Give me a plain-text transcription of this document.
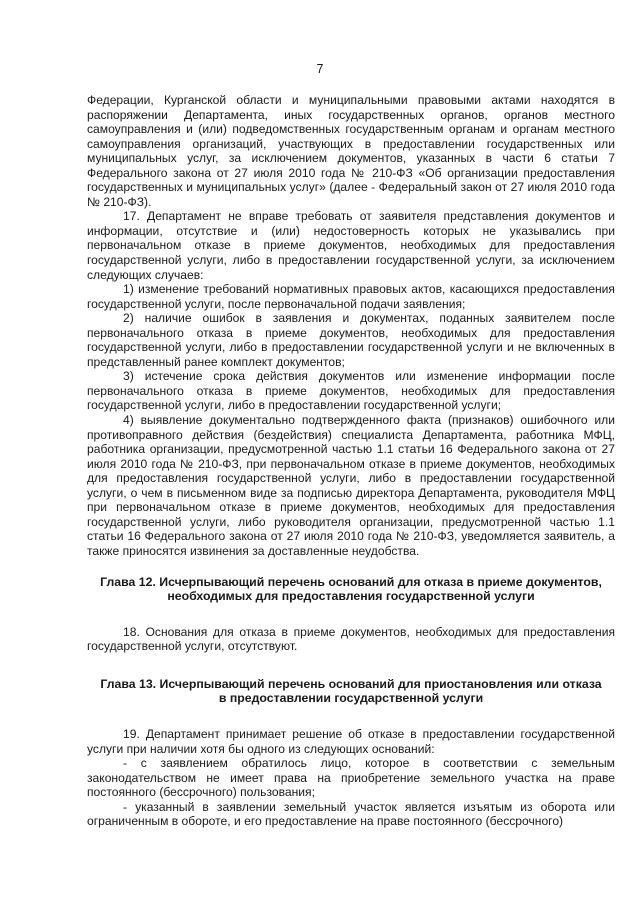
7

Федерации, Курганской области и муниципальными правовыми актами находятся в распоряжении Департамента, иных государственных органов, органов местного самоуправления и (или) подведомственных государственным органам и органам местного самоуправления организаций, участвующих в предоставлении государственных или муниципальных услуг, за исключением документов, указанных в части 6 статьи 7 Федерального закона от 27 июля 2010 года № 210-ФЗ «Об организации предоставления государственных и муниципальных услуг» (далее - Федеральный закон от 27 июля 2010 года № 210-ФЗ).

17. Департамент не вправе требовать от заявителя представления документов и информации, отсутствие и (или) недостоверность которых не указывались при первоначальном отказе в приеме документов, необходимых для предоставления государственной услуги, либо в предоставлении государственной услуги, за исключением следующих случаев:

1) изменение требований нормативных правовых актов, касающихся предоставления государственной услуги, после первоначальной подачи заявления;

2) наличие ошибок в заявления и документах, поданных заявителем после первоначального отказа в приеме документов, необходимых для предоставления государственной услуги, либо в предоставлении государственной услуги и не включенных в представленный ранее комплект документов;

3) истечение срока действия документов или изменение информации после первоначального отказа в приеме документов, необходимых для предоставления государственной услуги, либо в предоставлении государственной услуги;

4) выявление документально подтвержденного факта (признаков) ошибочного или противоправного действия (бездействия) специалиста Департамента, работника МФЦ, работника организации, предусмотренной частью 1.1 статьи 16 Федерального закона от 27 июля 2010 года № 210-ФЗ, при первоначальном отказе в приеме документов, необходимых для предоставления государственной услуги, либо в предоставлении государственной услуги, о чем в письменном виде за подписью директора Департамента, руководителя МФЦ при первоначальном отказе в приеме документов, необходимых для предоставления государственной услуги, либо руководителя организации, предусмотренной частью 1.1 статьи 16 Федерального закона от 27 июля 2010 года № 210-ФЗ, уведомляется заявитель, а также приносятся извинения за доставленные неудобства.

Глава 12. Исчерпывающий перечень оснований для отказа в приеме документов,

необходимых для предоставления государственной услуги

18. Основания для отказа в приеме документов, необходимых для предоставления государственной услуги, отсутствуют.

Глава 13. Исчерпывающий перечень оснований для приостановления или отказа

в предоставлении государственной услуги

19. Департамент принимает решение об отказе в предоставлении государственной услуги при наличии хотя бы одного из следующих оснований:

- с заявлением обратилось лицо, которое в соответствии с земельным законодательством не имеет права на приобретение земельного участка на праве постоянного (бессрочного) пользования;

- указанный в заявлении земельный участок является изъятым из оборота или ограниченным в обороте, и его предоставление на праве постоянного (бессрочного)
